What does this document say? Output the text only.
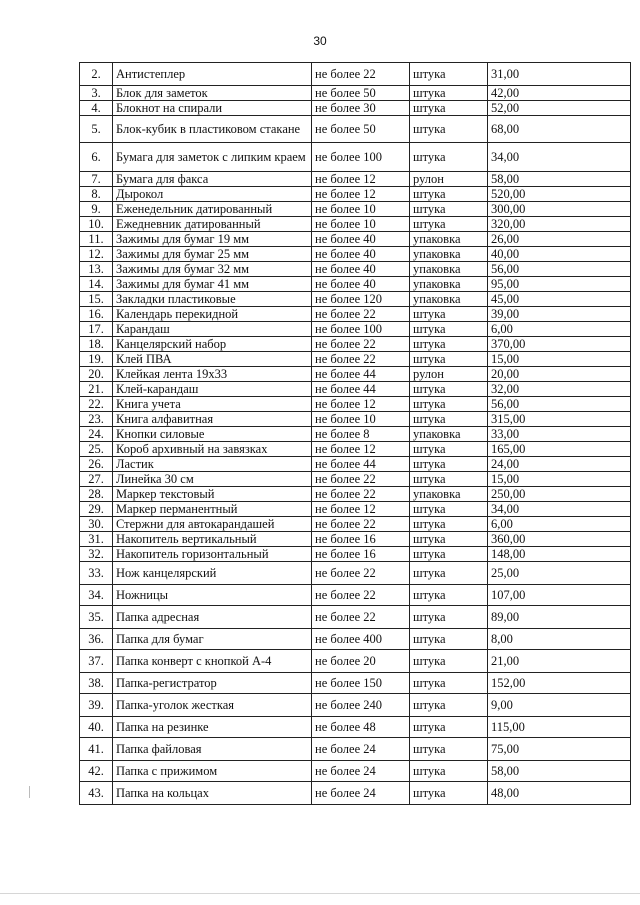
30
2.	Антистеплер	не более 22	штука	31,00
3.	Блок для заметок	не более 50	штука	42,00
4.	Блокнот на спирали	не более 30	штука	52,00
5.	Блок-кубик в пластиковом стакане	не более 50	штука	68,00
6.	Бумага для заметок с липким краем	не более 100	штука	34,00
7.	Бумага для факса	не более 12	рулон	58,00
8.	Дырокол	не более 12	штука	520,00
9.	Еженедельник датированный	не более 10	штука	300,00
10.	Ежедневник датированный	не более 10	штука	320,00
11.	Зажимы для бумаг 19 мм	не более 40	упаковка	26,00
12.	Зажимы для бумаг 25 мм	не более 40	упаковка	40,00
13.	Зажимы для бумаг 32 мм	не более 40	упаковка	56,00
14.	Зажимы для бумаг 41 мм	не более 40	упаковка	95,00
15.	Закладки пластиковые	не более 120	упаковка	45,00
16.	Календарь перекидной	не более 22	штука	39,00
17.	Карандаш	не более 100	штука	6,00
18.	Канцелярский набор	не более 22	штука	370,00
19.	Клей ПВА	не более 22	штука	15,00
20.	Клейкая лента 19х33	не более 44	рулон	20,00
21.	Клей-карандаш	не более 44	штука	32,00
22.	Книга учета	не более 12	штука	56,00
23.	Книга алфавитная	не более 10	штука	315,00
24.	Кнопки силовые	не более 8	упаковка	33,00
25.	Короб архивный на завязках	не более 12	штука	165,00
26.	Ластик	не более 44	штука	24,00
27.	Линейка 30 см	не более 22	штука	15,00
28.	Маркер текстовый	не более 22	упаковка	250,00
29.	Маркер перманентный	не более 12	штука	34,00
30.	Стержни для автокарандашей	не более 22	штука	6,00
31.	Накопитель вертикальный	не более 16	штука	360,00
32.	Накопитель горизонтальный	не более 16	штука	148,00
33.	Нож канцелярский	не более 22	штука	25,00
34.	Ножницы	не более 22	штука	107,00
35.	Папка адресная	не более 22	штука	89,00
36.	Папка для бумаг	не более 400	штука	8,00
37.	Папка конверт с кнопкой А-4	не более 20	штука	21,00
38.	Папка-регистратор	не более 150	штука	152,00
39.	Папка-уголок жесткая	не более 240	штука	9,00
40.	Папка на резинке	не более 48	штука	115,00
41.	Папка файловая	не более 24	штука	75,00
42.	Папка с прижимом	не более 24	штука	58,00
43.	Папка на кольцах	не более 24	штука	48,00
